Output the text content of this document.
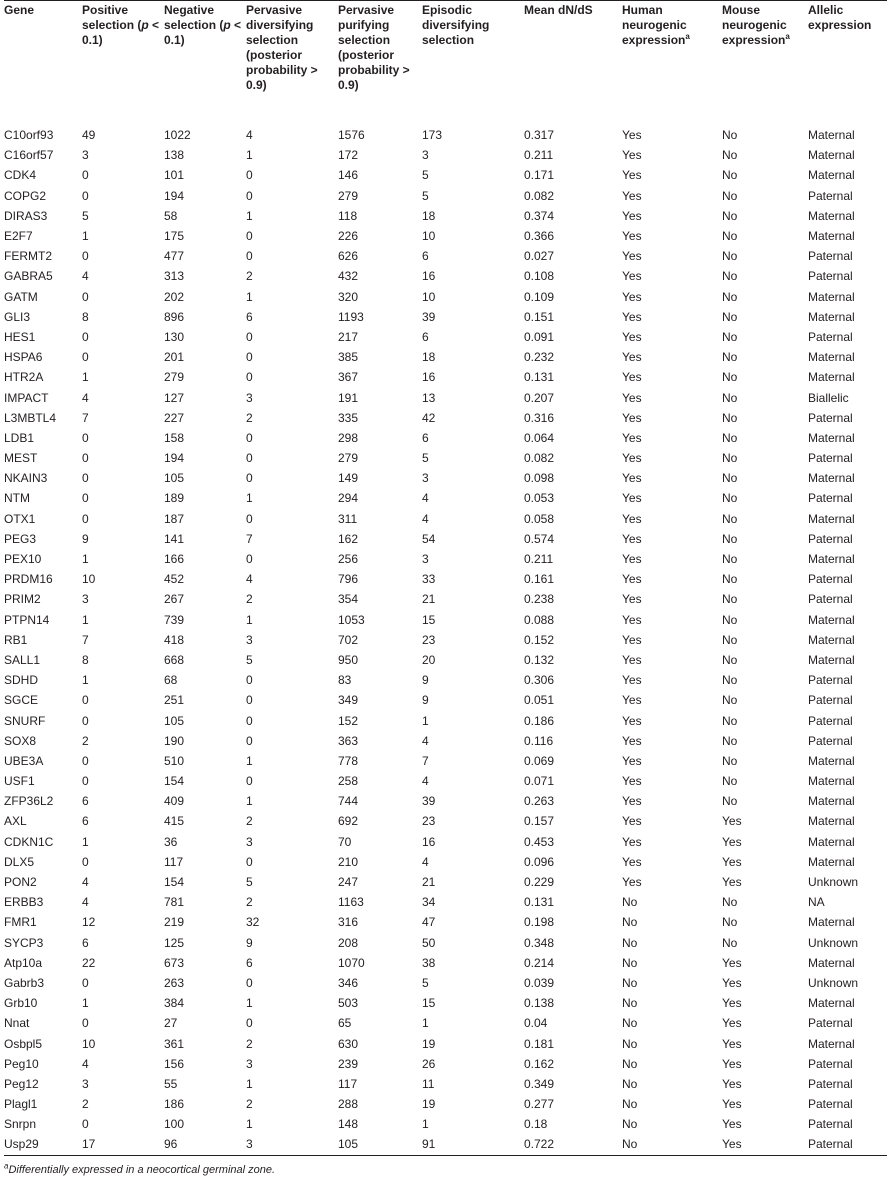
Gene	Positive selection (p < 0.1)	Negative selection (p < 0.1)	Pervasive diversifying selection (posterior probability > 0.9)	Pervasive purifying selection (posterior probability > 0.9)	Episodic diversifying selection	Mean dN/dS	Human neurogenic expression$^a$	Mouse neurogenic expression$^a$	Allelic expression
C10orf93	49	1022	4	1576	173	0.317	Yes	No	Maternal
C16orf57	3	138	1	172	3	0.211	Yes	No	Maternal
CDK4	0	101	0	146	5	0.171	Yes	No	Maternal
COPG2	0	194	0	279	5	0.082	Yes	No	Paternal
DIRAS3	5	58	1	118	18	0.374	Yes	No	Maternal
E2F7	1	175	0	226	10	0.366	Yes	No	Maternal
FERMT2	0	477	0	626	6	0.027	Yes	No	Paternal
GABRA5	4	313	2	432	16	0.108	Yes	No	Paternal
GATM	0	202	1	320	10	0.109	Yes	No	Maternal
GLI3	8	896	6	1193	39	0.151	Yes	No	Maternal
HES1	0	130	0	217	6	0.091	Yes	No	Paternal
HSPA6	0	201	0	385	18	0.232	Yes	No	Maternal
HTR2A	1	279	0	367	16	0.131	Yes	No	Maternal
IMPACT	4	127	3	191	13	0.207	Yes	No	Biallelic
L3MBTL4	7	227	2	335	42	0.316	Yes	No	Paternal
LDB1	0	158	0	298	6	0.064	Yes	No	Maternal
MEST	0	194	0	279	5	0.082	Yes	No	Paternal
NKAIN3	0	105	0	149	3	0.098	Yes	No	Maternal
NTM	0	189	1	294	4	0.053	Yes	No	Paternal
OTX1	0	187	0	311	4	0.058	Yes	No	Maternal
PEG3	9	141	7	162	54	0.574	Yes	No	Paternal
PEX10	1	166	0	256	3	0.211	Yes	No	Maternal
PRDM16	10	452	4	796	33	0.161	Yes	No	Paternal
PRIM2	3	267	2	354	21	0.238	Yes	No	Paternal
PTPN14	1	739	1	1053	15	0.088	Yes	No	Maternal
RB1	7	418	3	702	23	0.152	Yes	No	Maternal
SALL1	8	668	5	950	20	0.132	Yes	No	Maternal
SDHD	1	68	0	83	9	0.306	Yes	No	Paternal
SGCE	0	251	0	349	9	0.051	Yes	No	Paternal
SNURF	0	105	0	152	1	0.186	Yes	No	Paternal
SOX8	2	190	0	363	4	0.116	Yes	No	Paternal
UBE3A	0	510	1	778	7	0.069	Yes	No	Maternal
USF1	0	154	0	258	4	0.071	Yes	No	Maternal
ZFP36L2	6	409	1	744	39	0.263	Yes	No	Maternal
AXL	6	415	2	692	23	0.157	Yes	Yes	Maternal
CDKN1C	1	36	3	70	16	0.453	Yes	Yes	Maternal
DLX5	0	117	0	210	4	0.096	Yes	Yes	Maternal
PON2	4	154	5	247	21	0.229	Yes	Yes	Unknown
ERBB3	4	781	2	1163	34	0.131	No	No	NA
FMR1	12	219	32	316	47	0.198	No	No	Maternal
SYCP3	6	125	9	208	50	0.348	No	No	Unknown
Atp10a	22	673	6	1070	38	0.214	No	Yes	Maternal
Gabrb3	0	263	0	346	5	0.039	No	Yes	Unknown
Grb10	1	384	1	503	15	0.138	No	Yes	Maternal
Nnat	0	27	0	65	1	0.04	No	Yes	Paternal
Osbpl5	10	361	2	630	19	0.181	No	Yes	Maternal
Peg10	4	156	3	239	26	0.162	No	Yes	Paternal
Peg12	3	55	1	117	11	0.349	No	Yes	Paternal
Plagl1	2	186	2	288	19	0.277	No	Yes	Paternal
Snrpn	0	100	1	148	1	0.18	No	Yes	Paternal
Usp29	17	96	3	105	91	0.722	No	Yes	Paternal
$^a$Differentially expressed in a neocortical germinal zone.
